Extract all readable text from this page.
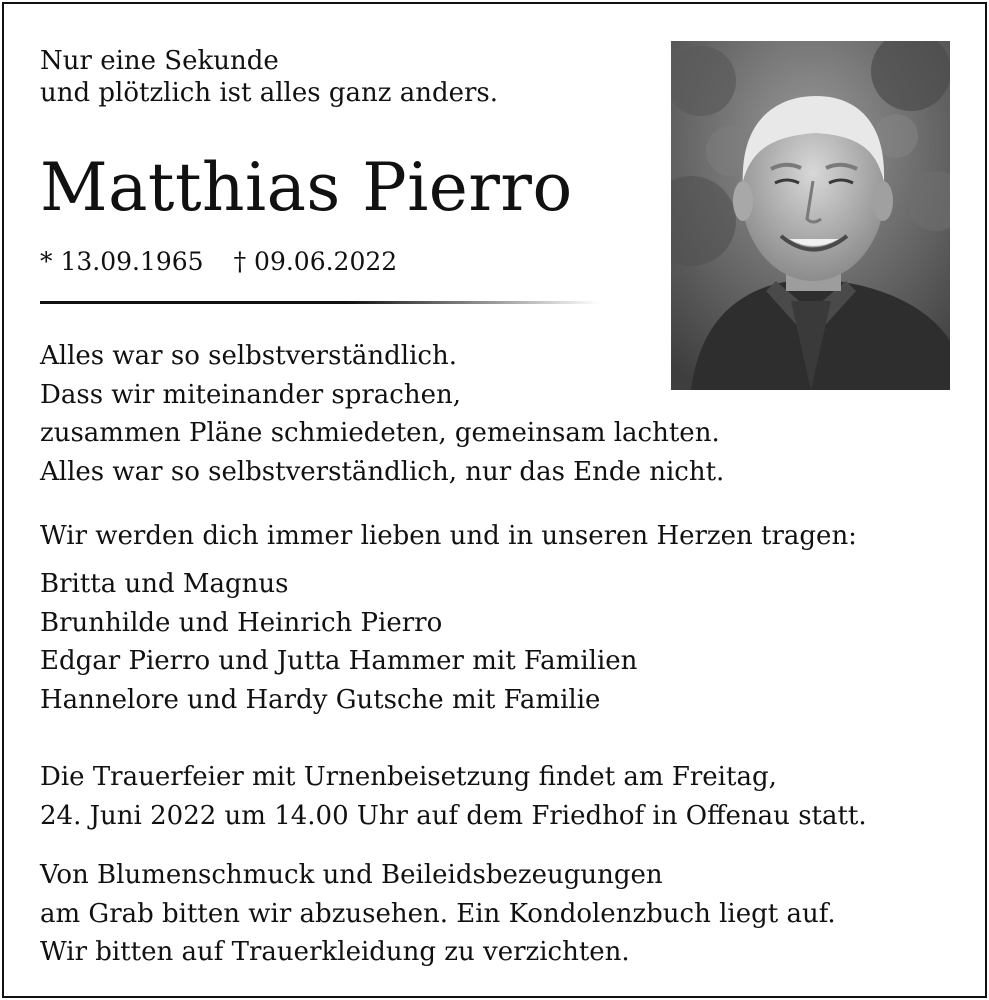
Nur eine Sekunde
und plötzlich ist alles ganz anders.
Matthias Pierro
* 13.09.1965 † 09.06.2022
Alles war so selbstverständlich.
Dass wir miteinander sprachen,
zusammen Pläne schmiedeten, gemeinsam lachten.
Alles war so selbstverständlich, nur das Ende nicht.
Wir werden dich immer lieben und in unseren Herzen tragen:
Britta und Magnus
Brunhilde und Heinrich Pierro
Edgar Pierro und Jutta Hammer mit Familien
Hannelore und Hardy Gutsche mit Familie
Die Trauerfeier mit Urnenbeisetzung findet am Freitag,
24. Juni 2022 um 14.00 Uhr auf dem Friedhof in Offenau statt.
Von Blumenschmuck und Beileidsbezeugungen
am Grab bitten wir abzusehen. Ein Kondolenzbuch liegt auf.
Wir bitten auf Trauerkleidung zu verzichten.
